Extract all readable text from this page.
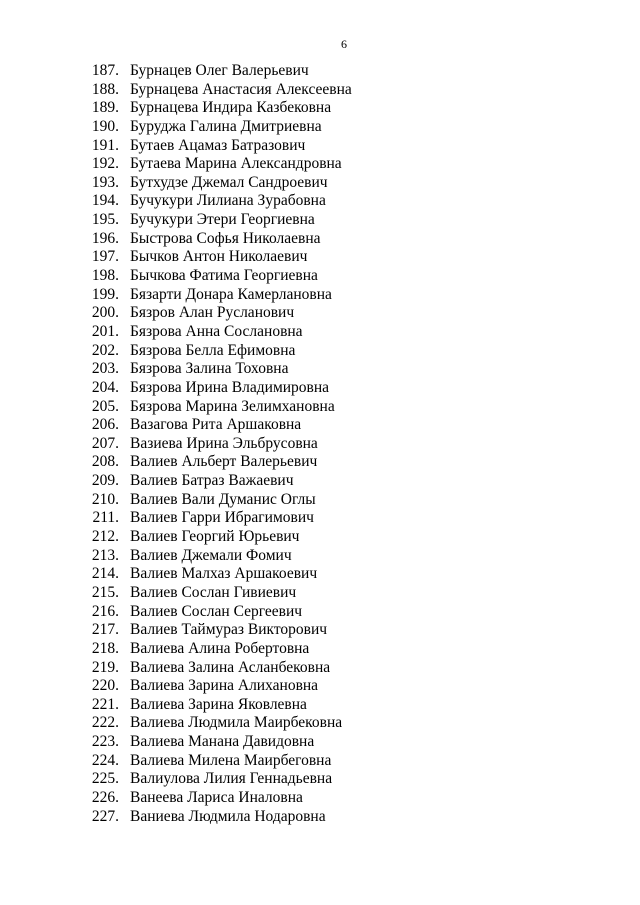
6
187. Бурнацев Олег Валерьевич
188. Бурнацева Анастасия Алексеевна
189. Бурнацева Индира Казбековна
190. Буруджа Галина Дмитриевна
191. Бутаев Ацамаз Батразович
192. Бутаева Марина Александровна
193. Бутхудзе Джемал Сандроевич
194. Бучукури Лилиана Зурабовна
195. Бучукури Этери Георгиевна
196. Быстрова Софья Николаевна
197. Бычков Антон Николаевич
198. Бычкова Фатима Георгиевна
199. Бязарти Донара Камерлановна
200. Бязров Алан Русланович
201. Бязрова Анна Сослановна
202. Бязрова Белла Ефимовна
203. Бязрова Залина Тоховна
204. Бязрова Ирина Владимировна
205. Бязрова Марина Зелимхановна
206. Вазагова Рита Аршаковна
207. Вазиева Ирина Эльбрусовна
208. Валиев Альберт Валерьевич
209. Валиев Батраз Важаевич
210. Валиев Вали Думанис Оглы
211. Валиев Гарри Ибрагимович
212. Валиев Георгий Юрьевич
213. Валиев Джемали Фомич
214. Валиев Малхаз Аршакоевич
215. Валиев Сослан Гивиевич
216. Валиев Сослан Сергеевич
217. Валиев Таймураз Викторович
218. Валиева Алина Робертовна
219. Валиева Залина Асланбековна
220. Валиева Зарина Алихановна
221. Валиева Зарина Яковлевна
222. Валиева Людмила Маирбековна
223. Валиева Манана Давидовна
224. Валиева Милена Маирбеговна
225. Валиулова Лилия Геннадьевна
226. Ванеева Лариса Иналовна
227. Ваниева Людмила Нодаровна
